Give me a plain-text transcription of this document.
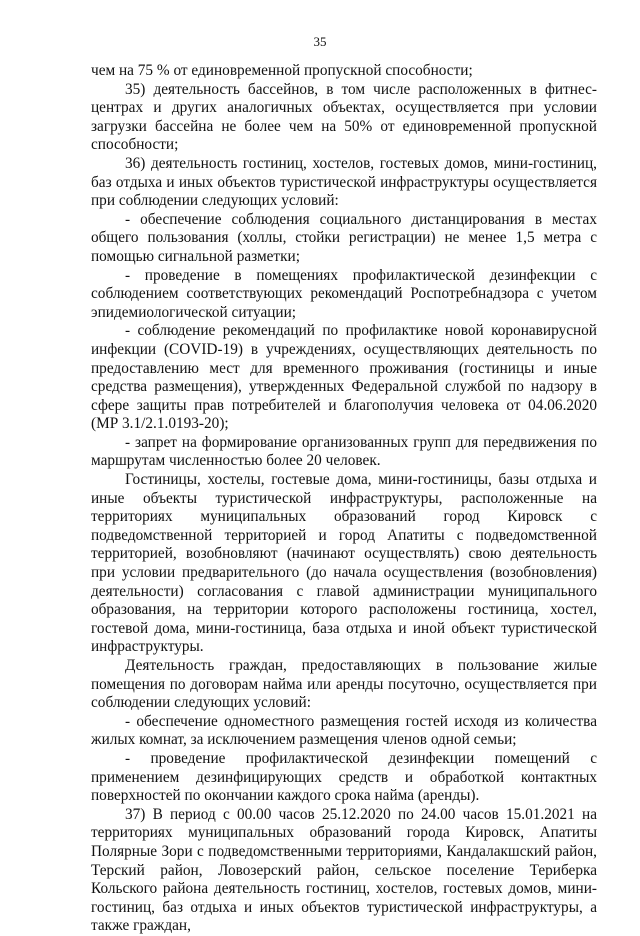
35

чем на 75 % от единовременной пропускной способности;

35) деятельность бассейнов, в том числе расположенных в фитнес-центрах и других аналогичных объектах, осуществляется при условии загрузки бассейна не более чем на 50% от единовременной пропускной способности;

36) деятельность гостиниц, хостелов, гостевых домов, мини-гостиниц, баз отдыха и иных объектов туристической инфраструктуры осуществляется при соблюдении следующих условий:

- обеспечение соблюдения социального дистанцирования в местах общего пользования (холлы, стойки регистрации) не менее 1,5 метра с помощью сигнальной разметки;

- проведение в помещениях профилактической дезинфекции с соблюдением соответствующих рекомендаций Роспотребнадзора с учетом эпидемиологической ситуации;

- соблюдение рекомендаций по профилактике новой коронавирусной инфекции (COVID-19) в учреждениях, осуществляющих деятельность по предоставлению мест для временного проживания (гостиницы и иные средства размещения), утвержденных Федеральной службой по надзору в сфере защиты прав потребителей и благополучия человека от 04.06.2020 (МР 3.1/2.1.0193-20);

- запрет на формирование организованных групп для передвижения по маршрутам численностью более 20 человек.

Гостиницы, хостелы, гостевые дома, мини-гостиницы, базы отдыха и иные объекты туристической инфраструктуры, расположенные на территориях муниципальных образований город Кировск с подведомственной территорией и город Апатиты с подведомственной территорией, возобновляют (начинают осуществлять) свою деятельность при условии предварительного (до начала осуществления (возобновления) деятельности) согласования с главой администрации муниципального образования, на территории которого расположены гостиница, хостел, гостевой дома, мини-гостиница, база отдыха и иной объект туристической инфраструктуры.

Деятельность граждан, предоставляющих в пользование жилые помещения по договорам найма или аренды посуточно, осуществляется при соблюдении следующих условий:

- обеспечение одноместного размещения гостей исходя из количества жилых комнат, за исключением размещения членов одной семьи;

- проведение профилактической дезинфекции помещений с применением дезинфицирующих средств и обработкой контактных поверхностей по окончании каждого срока найма (аренды).

37) В период с 00.00 часов 25.12.2020 по 24.00 часов 15.01.2021 на территориях муниципальных образований города Кировск, Апатиты Полярные Зори с подведомственными территориями, Кандалакшский район, Терский район, Ловозерский район, сельское поселение Териберка Кольского района деятельность гостиниц, хостелов, гостевых домов, мини-гостиниц, баз отдыха и иных объектов туристической инфраструктуры, а также граждан,
